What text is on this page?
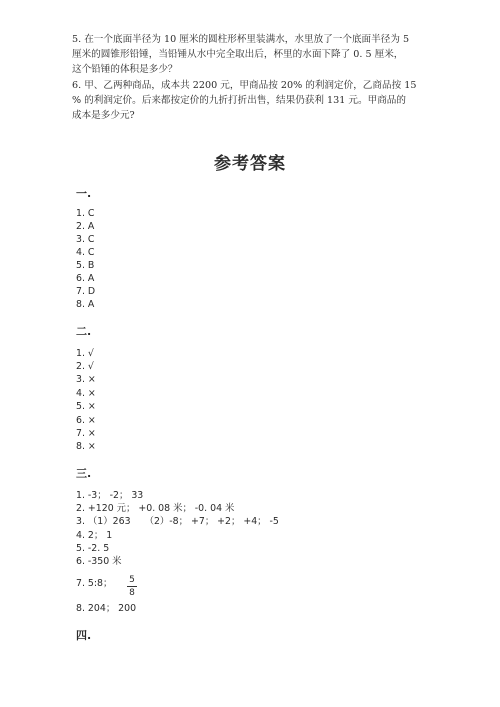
5. 在一个底面半径为 10 厘米的圆柱形杯里装满水，水里放了一个底面半径为 5
厘米的圆锥形铅锤，当铅锤从水中完全取出后，杯里的水面下降了 0. 5 厘米，
这个铅锤的体积是多少？
6. 甲、乙两种商品，成本共 2200 元，甲商品按 20% 的利润定价，乙商品按 15
% 的利润定价。后来都按定价的九折打折出售，结果仍获利 131 元。甲商品的
成本是多少元?
参考答案
一.
1. C
2. A
3. C
4. C
5. B
6. A
7. D
8. A
二.
1. √
2. √
3. ×
4. ×
5. ×
6. ×
7. ×
8. ×
三.
1. -3； -2； 33
2. +120 元； +0. 08 米； -0. 04 米
3. （1）263　　（2）-8； +7； +2； +4； -5
4. 2； 1
5. -2. 5
6. -350 米
7. 5:8； 5
8
8. 204； 200
四.
